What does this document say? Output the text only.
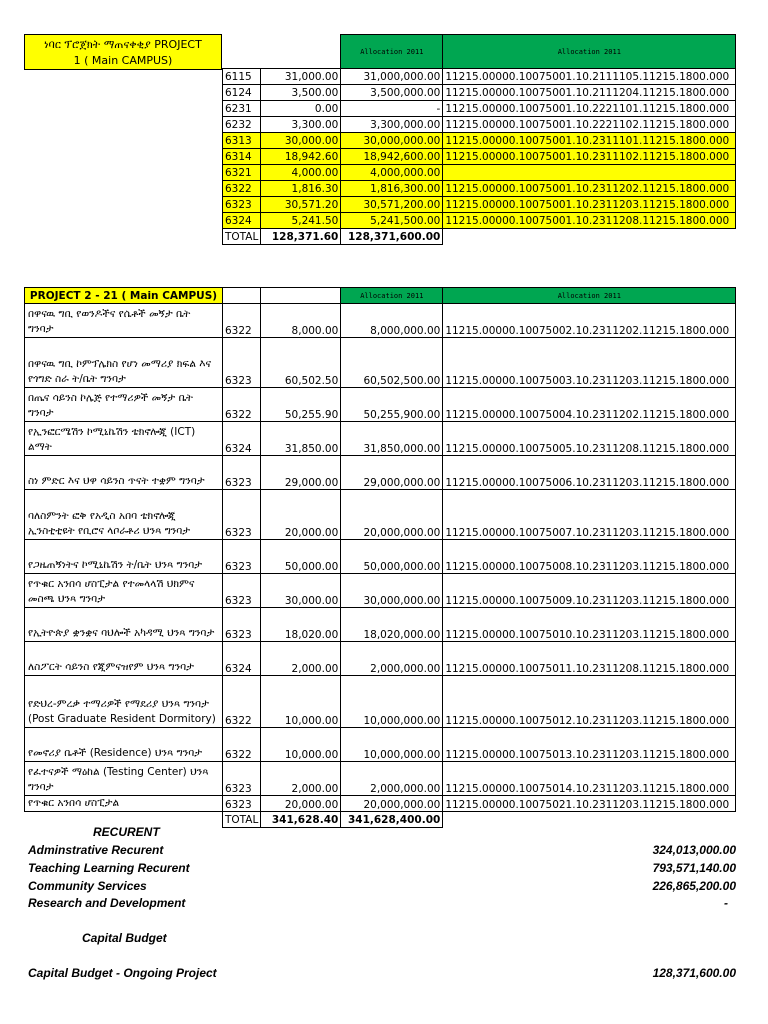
ነባር ፕሮጀክት ማጠናቀቂያ PROJECT
1 ( Main CAMPUS)
		Allocation 2011	Allocation 2011
6115	31,000.00	31,000,000.00	11215.00000.10075001.10.2111105.11215.1800.000
6124	3,500.00	3,500,000.00	11215.00000.10075001.10.2111204.11215.1800.000
6231	0.00	-	11215.00000.10075001.10.2221101.11215.1800.000
6232	3,300.00	3,300,000.00	11215.00000.10075001.10.2221102.11215.1800.000
6313	30,000.00	30,000,000.00	11215.00000.10075001.10.2311101.11215.1800.000
6314	18,942.60	18,942,600.00	11215.00000.10075001.10.2311102.11215.1800.000
6321	4,000.00	4,000,000.00	
6322	1,816.30	1,816,300.00	11215.00000.10075001.10.2311202.11215.1800.000
6323	30,571.20	30,571,200.00	11215.00000.10075001.10.2311203.11215.1800.000
6324	5,241.50	5,241,500.00	11215.00000.10075001.10.2311208.11215.1800.000
TOTAL	128,371.60	128,371,600.00	
PROJECT 2 - 21 ( Main CAMPUS)			Allocation 2011	Allocation 2011
በዋናዉ ግቢ የወንዶችና የሴቶች መኝታ ቤት ግንባታ	6322	8,000.00	8,000,000.00	11215.00000.10075002.10.2311202.11215.1800.000
በዋናዉ ግቢ ኮምፕሌክስ የሆነ መማሪያ ክፍል እና የጎግድ ስራ ት/ቤት ግንባታ	6323	60,502.50	60,502,500.00	11215.00000.10075003.10.2311203.11215.1800.000
በጤና ሳይንስ ኮሌጅ የተማሪዎች መኝታ ቤት ግንባታ	6322	50,255.90	50,255,900.00	11215.00000.10075004.10.2311202.11215.1800.000
የኢንፎርሜሽን ኮሚኒኬሽን ቴክኖሎጂ (ICT) ልማት	6324	31,850.00	31,850,000.00	11215.00000.10075005.10.2311208.11215.1800.000
ስነ ምድር እና ህዋ ሳይንስ ጥናት ተቋም ግንባታ	6323	29,000.00	29,000,000.00	11215.00000.10075006.10.2311203.11215.1800.000
ባለስምንት ፎቅ የአዲስ አበባ ቴክኖሎጂ ኢንስቲቲዩት የቢሮና ላቦራቶሪ ህንጻ ግንባታ	6323	20,000.00	20,000,000.00	11215.00000.10075007.10.2311203.11215.1800.000
የጋዜጠኝነትና ኮሚኒኬሽን ት/ቤት ህንጻ ግንባታ	6323	50,000.00	50,000,000.00	11215.00000.10075008.10.2311203.11215.1800.000
የጥቁር አንበሳ ሆስፒታል የተመላላሽ ህክምና መስጫ ህንጻ ግንባታ	6323	30,000.00	30,000,000.00	11215.00000.10075009.10.2311203.11215.1800.000
የኢትዮጵያ ቋንቋና ባህሎች አካዳሚ ህንጻ ግንባታ	6323	18,020.00	18,020,000.00	11215.00000.10075010.10.2311203.11215.1800.000
ለስፖርት ሳይንስ የጂምናዝየም ህንጻ ግንባታ	6324	2,000.00	2,000,000.00	11215.00000.10075011.10.2311208.11215.1800.000
የድህረ-ምረቃ ተማሪዎች የማደሪያ ህንጻ ግንባታ (Post Graduate Resident Dormitory)	6322	10,000.00	10,000,000.00	11215.00000.10075012.10.2311203.11215.1800.000
የመኖሪያ ቤቶች (Residence) ህንጻ ግንባታ	6322	10,000.00	10,000,000.00	11215.00000.10075013.10.2311203.11215.1800.000
የፈተናዎች ማዕከል (Testing Center) ህንጻ ግንባታ	6323	2,000.00	2,000,000.00	11215.00000.10075014.10.2311203.11215.1800.000
የጥቁር አንበሳ ሆስፒታል	6323	20,000.00	20,000,000.00	11215.00000.10075021.10.2311203.11215.1800.000
	TOTAL	341,628.40	341,628,400.00	
RECURENT
Adminstrative Recurent	324,013,000.00
Teaching Learning Recurent	793,571,140.00
Community Services	226,865,200.00
Research and Development	-
Capital Budget
Capital Budget - Ongoing Project	128,371,600.00
